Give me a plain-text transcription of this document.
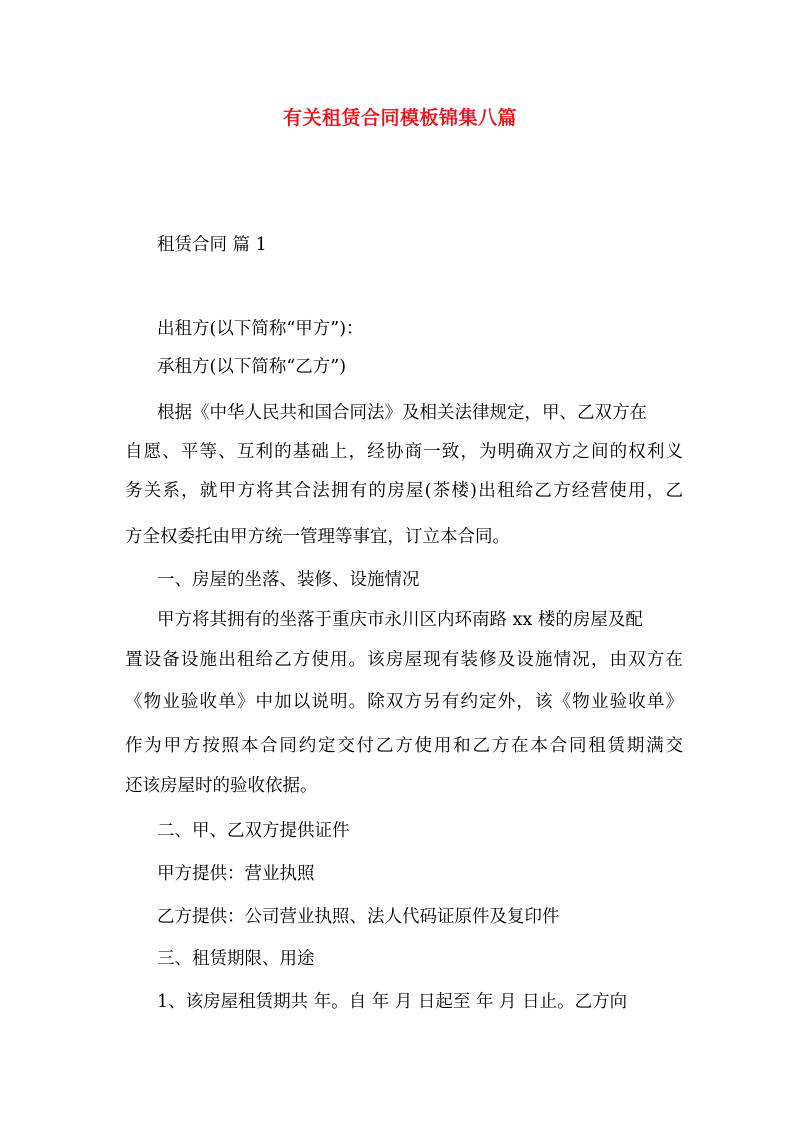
有关租赁合同模板锦集八篇
租赁合同 篇 1
出租方(以下简称“甲方”)：
承租方(以下简称“乙方”)
根据《中华人民共和国合同法》及相关法律规定，甲、乙双方在
自愿、平等、互利的基础上，经协商一致，为明确双方之间的权利义
务关系，就甲方将其合法拥有的房屋(茶楼)出租给乙方经营使用，乙
方全权委托由甲方统一管理等事宜，订立本合同。
一、房屋的坐落、装修、设施情况
甲方将其拥有的坐落于重庆市永川区内环南路 xx 楼的房屋及配
置设备设施出租给乙方使用。该房屋现有装修及设施情况，由双方在
《物业验收单》中加以说明。除双方另有约定外，该《物业验收单》
作为甲方按照本合同约定交付乙方使用和乙方在本合同租赁期满交
还该房屋时的验收依据。
二、甲、乙双方提供证件
甲方提供：营业执照
乙方提供：公司营业执照、法人代码证原件及复印件
三、租赁期限、用途
1、该房屋租赁期共 年。自 年 月 日起至 年 月 日止。乙方向
